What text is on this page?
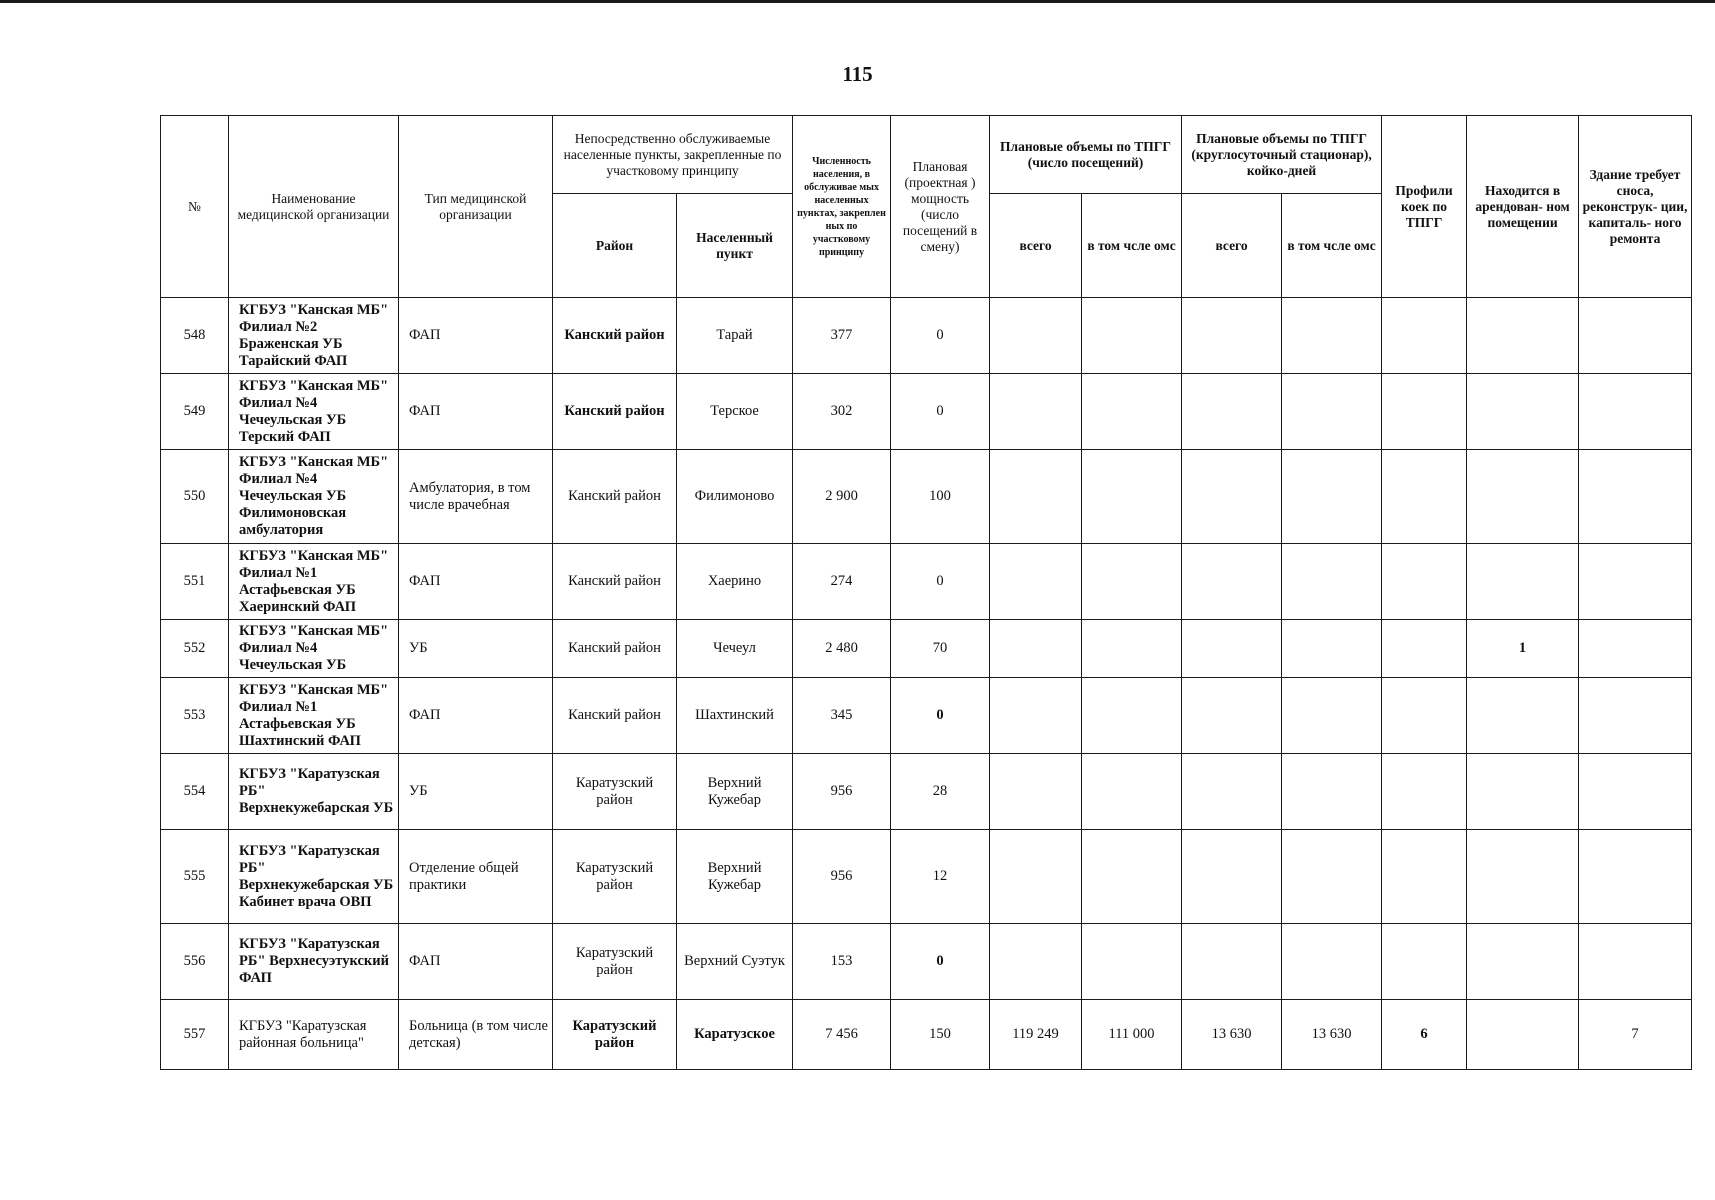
115
№	Наименование медицинской организации	Тип медицинской организации	Непосредственно обслуживаемые населенные пункты, закрепленные по участковому принципу		Численность населения, в обслуживае мых населенных пунктах, закреплен ных по участковому принципу	Плановая (проектная ) мощность (число посещений в смену)	Плановые объемы по ТПГГ (число посещений)		Плановые объемы по ТПГГ (круглосуточный стационар), койко-дней		Профили коек по ТПГГ	Находится в арендован- ном помещении	Здание требует сноса, реконструк- ции, капиталь- ного ремонта
			Район	Населенный пункт			всего	в том чсле омс	всего	в том чсле омс			
548	КГБУЗ "Канская МБ" Филиал №2 Браженская УБ Тарайский ФАП	ФАП	Канский район	Тарай	377	0							
549	КГБУЗ "Канская МБ" Филиал №4 Чечеульская УБ Терский ФАП	ФАП	Канский район	Терское	302	0							
550	КГБУЗ "Канская МБ" Филиал №4 Чечеульская УБ Филимоновская амбулатория	Амбулатория, в том числе врачебная	Канский район	Филимоново	2 900	100							
551	КГБУЗ "Канская МБ" Филиал №1 Астафьевская УБ Хаеринский ФАП	ФАП	Канский район	Хаерино	274	0							
552	КГБУЗ "Канская МБ" Филиал №4 Чечеульская УБ	УБ	Канский район	Чечеул	2 480	70						1	
553	КГБУЗ "Канская МБ" Филиал №1 Астафьевская УБ Шахтинский ФАП	ФАП	Канский район	Шахтинский	345	0							
554	КГБУЗ "Каратузская РБ" Верхнекужебарская УБ	УБ	Каратузский район	Верхний Кужебар	956	28							
555	КГБУЗ "Каратузская РБ" Верхнекужебарская УБ Кабинет врача ОВП	Отделение общей практики	Каратузский район	Верхний Кужебар	956	12							
556	КГБУЗ "Каратузская РБ" Верхнесуэтукский ФАП	ФАП	Каратузский район	Верхний Суэтук	153	0							
557	КГБУЗ "Каратузская районная больница"	Больница (в том числе детская)	Каратузский район	Каратузское	7 456	150	119 249	111 000	13 630	13 630	6		7
